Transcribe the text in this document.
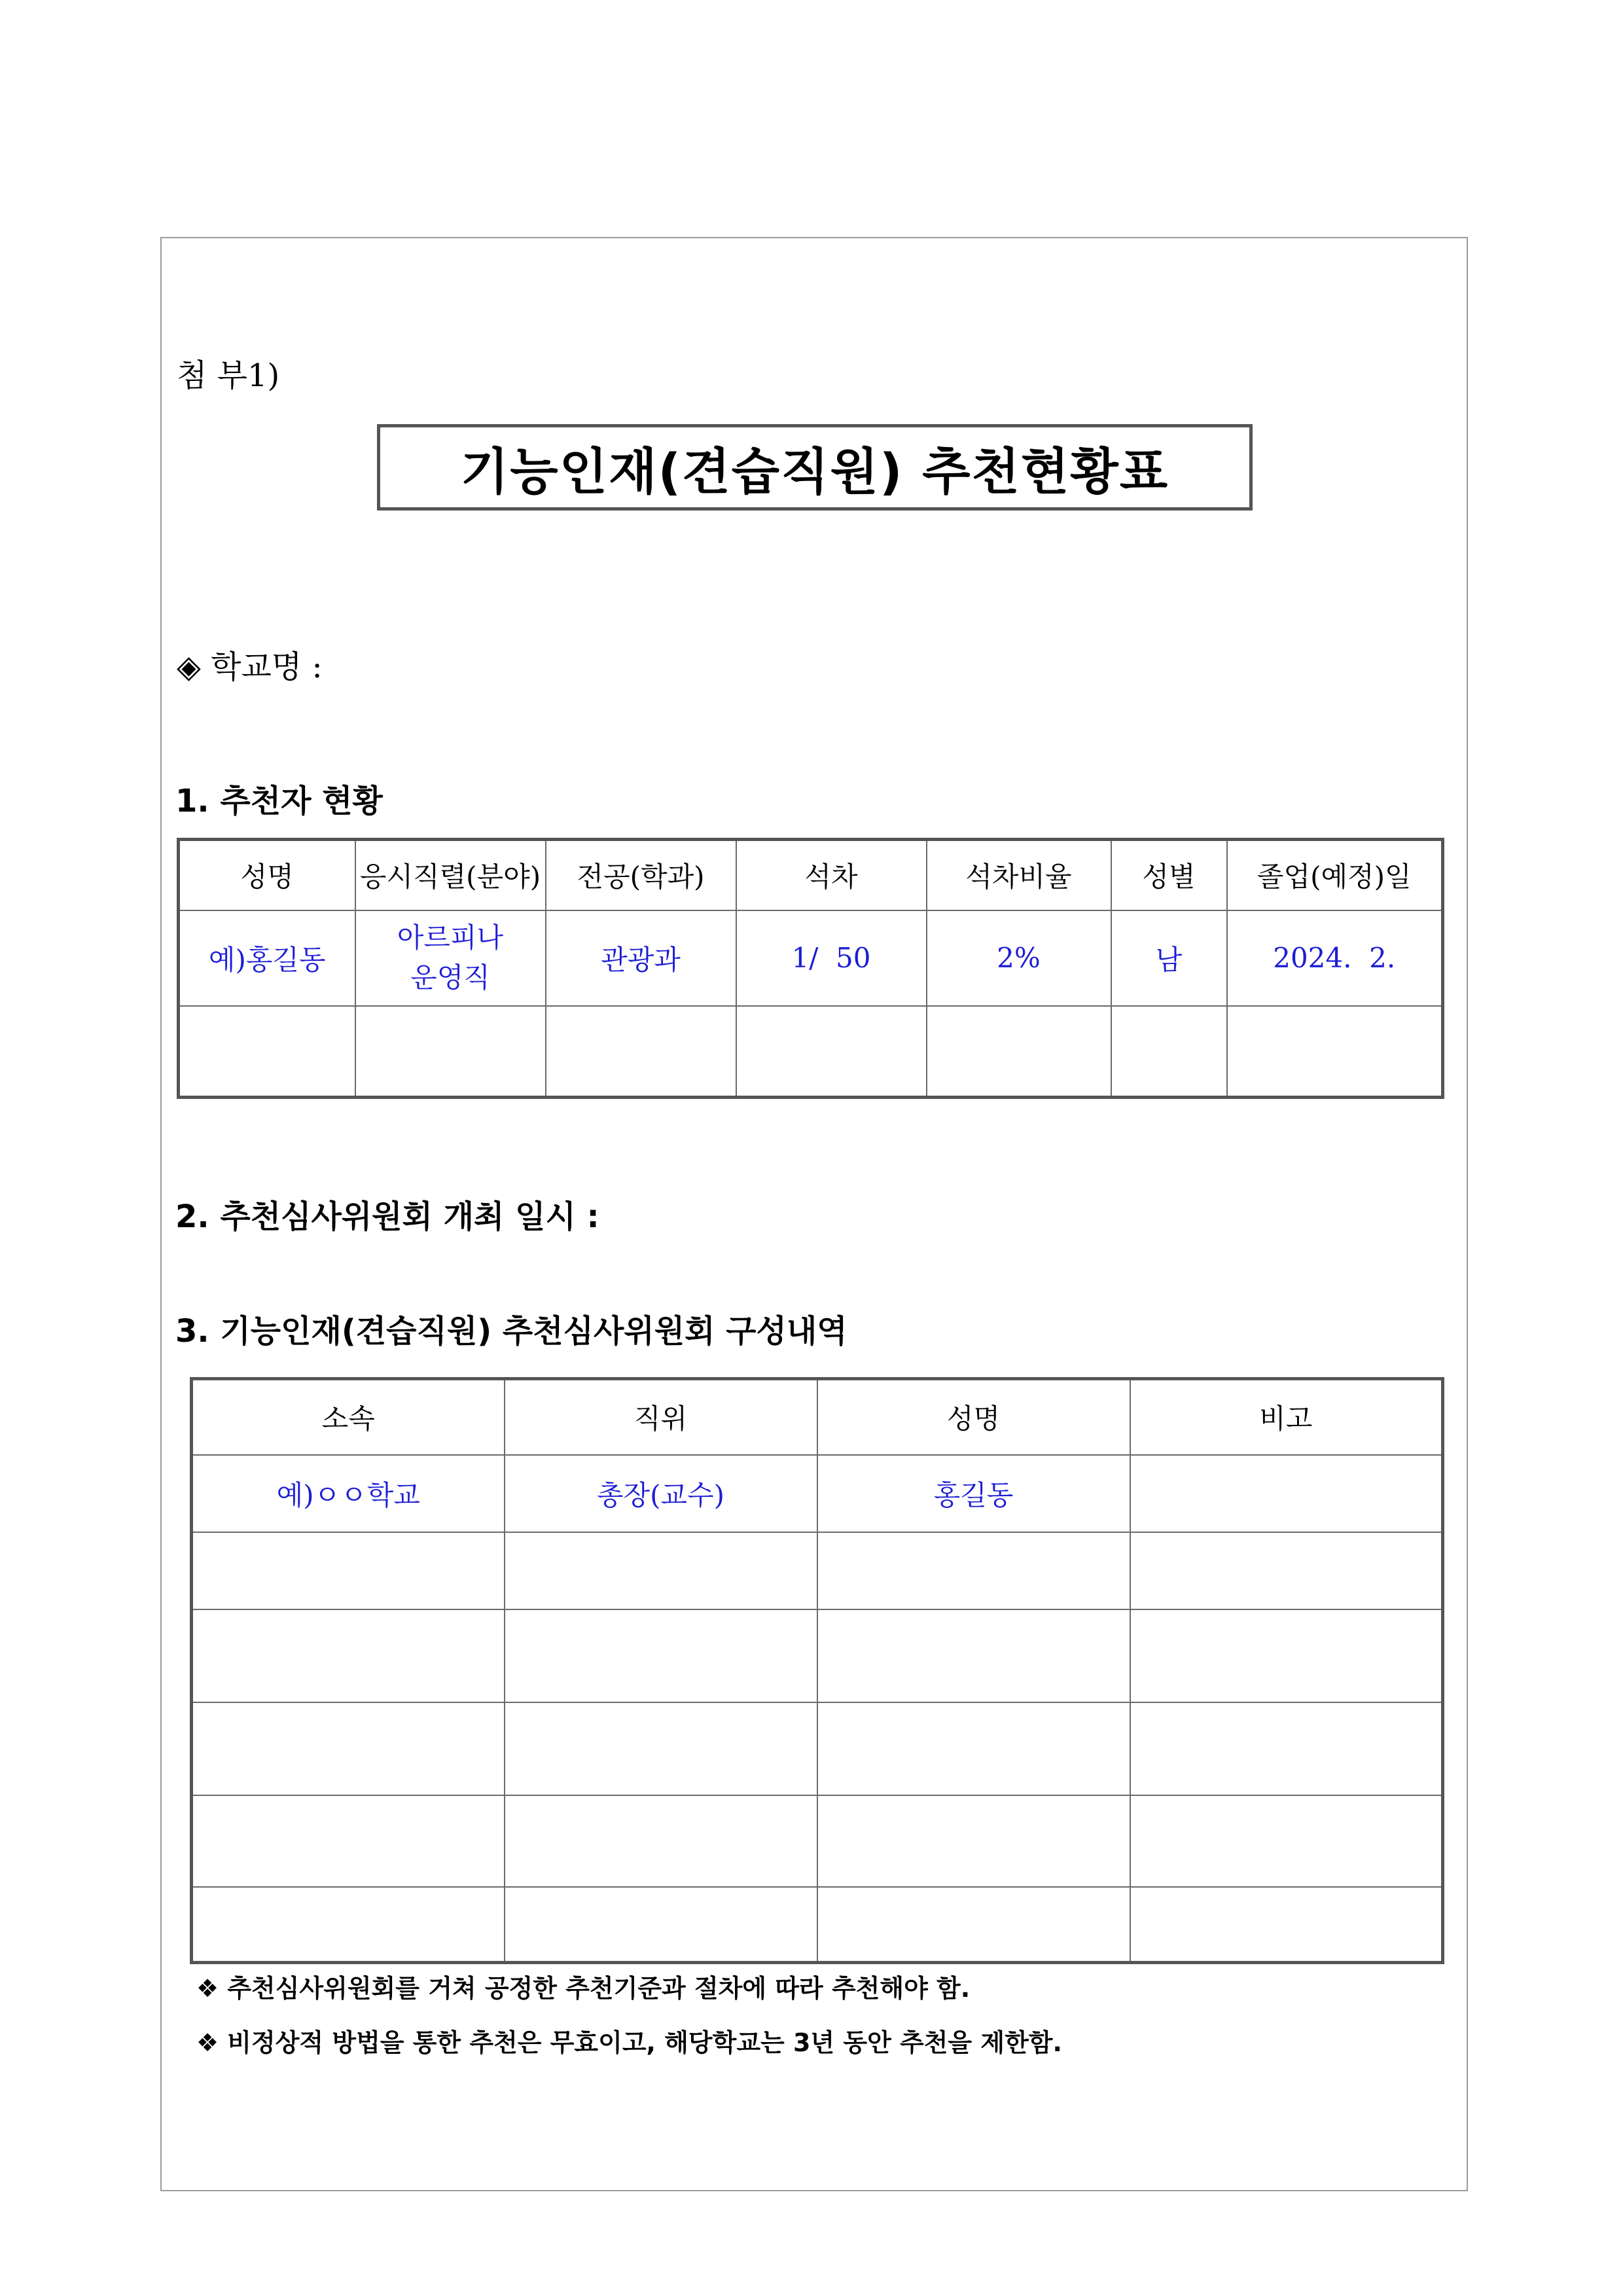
첨 부1)
기능인재(견습직원) 추천현황표
◈ 학교명 :
1. 추천자 현황
성명	응시직렬(분야)	전공(학과)	석차	석차비율	성별	졸업(예정)일
예)홍길동	아르피나
운영직	관광과	1/  50	2%	남	2024.  2.

2. 추천심사위원회 개최 일시 :
3. 기능인재(견습직원) 추천심사위원회 구성내역
소속	직위	성명	비고
예)ㅇㅇ학교	총장(교수)	홍길동	

❖ 추천심사위원회를 거쳐 공정한 추천기준과 절차에 따라 추천해야 함.
❖ 비정상적 방법을 통한 추천은 무효이고, 해당학교는 3년 동안 추천을 제한함.
